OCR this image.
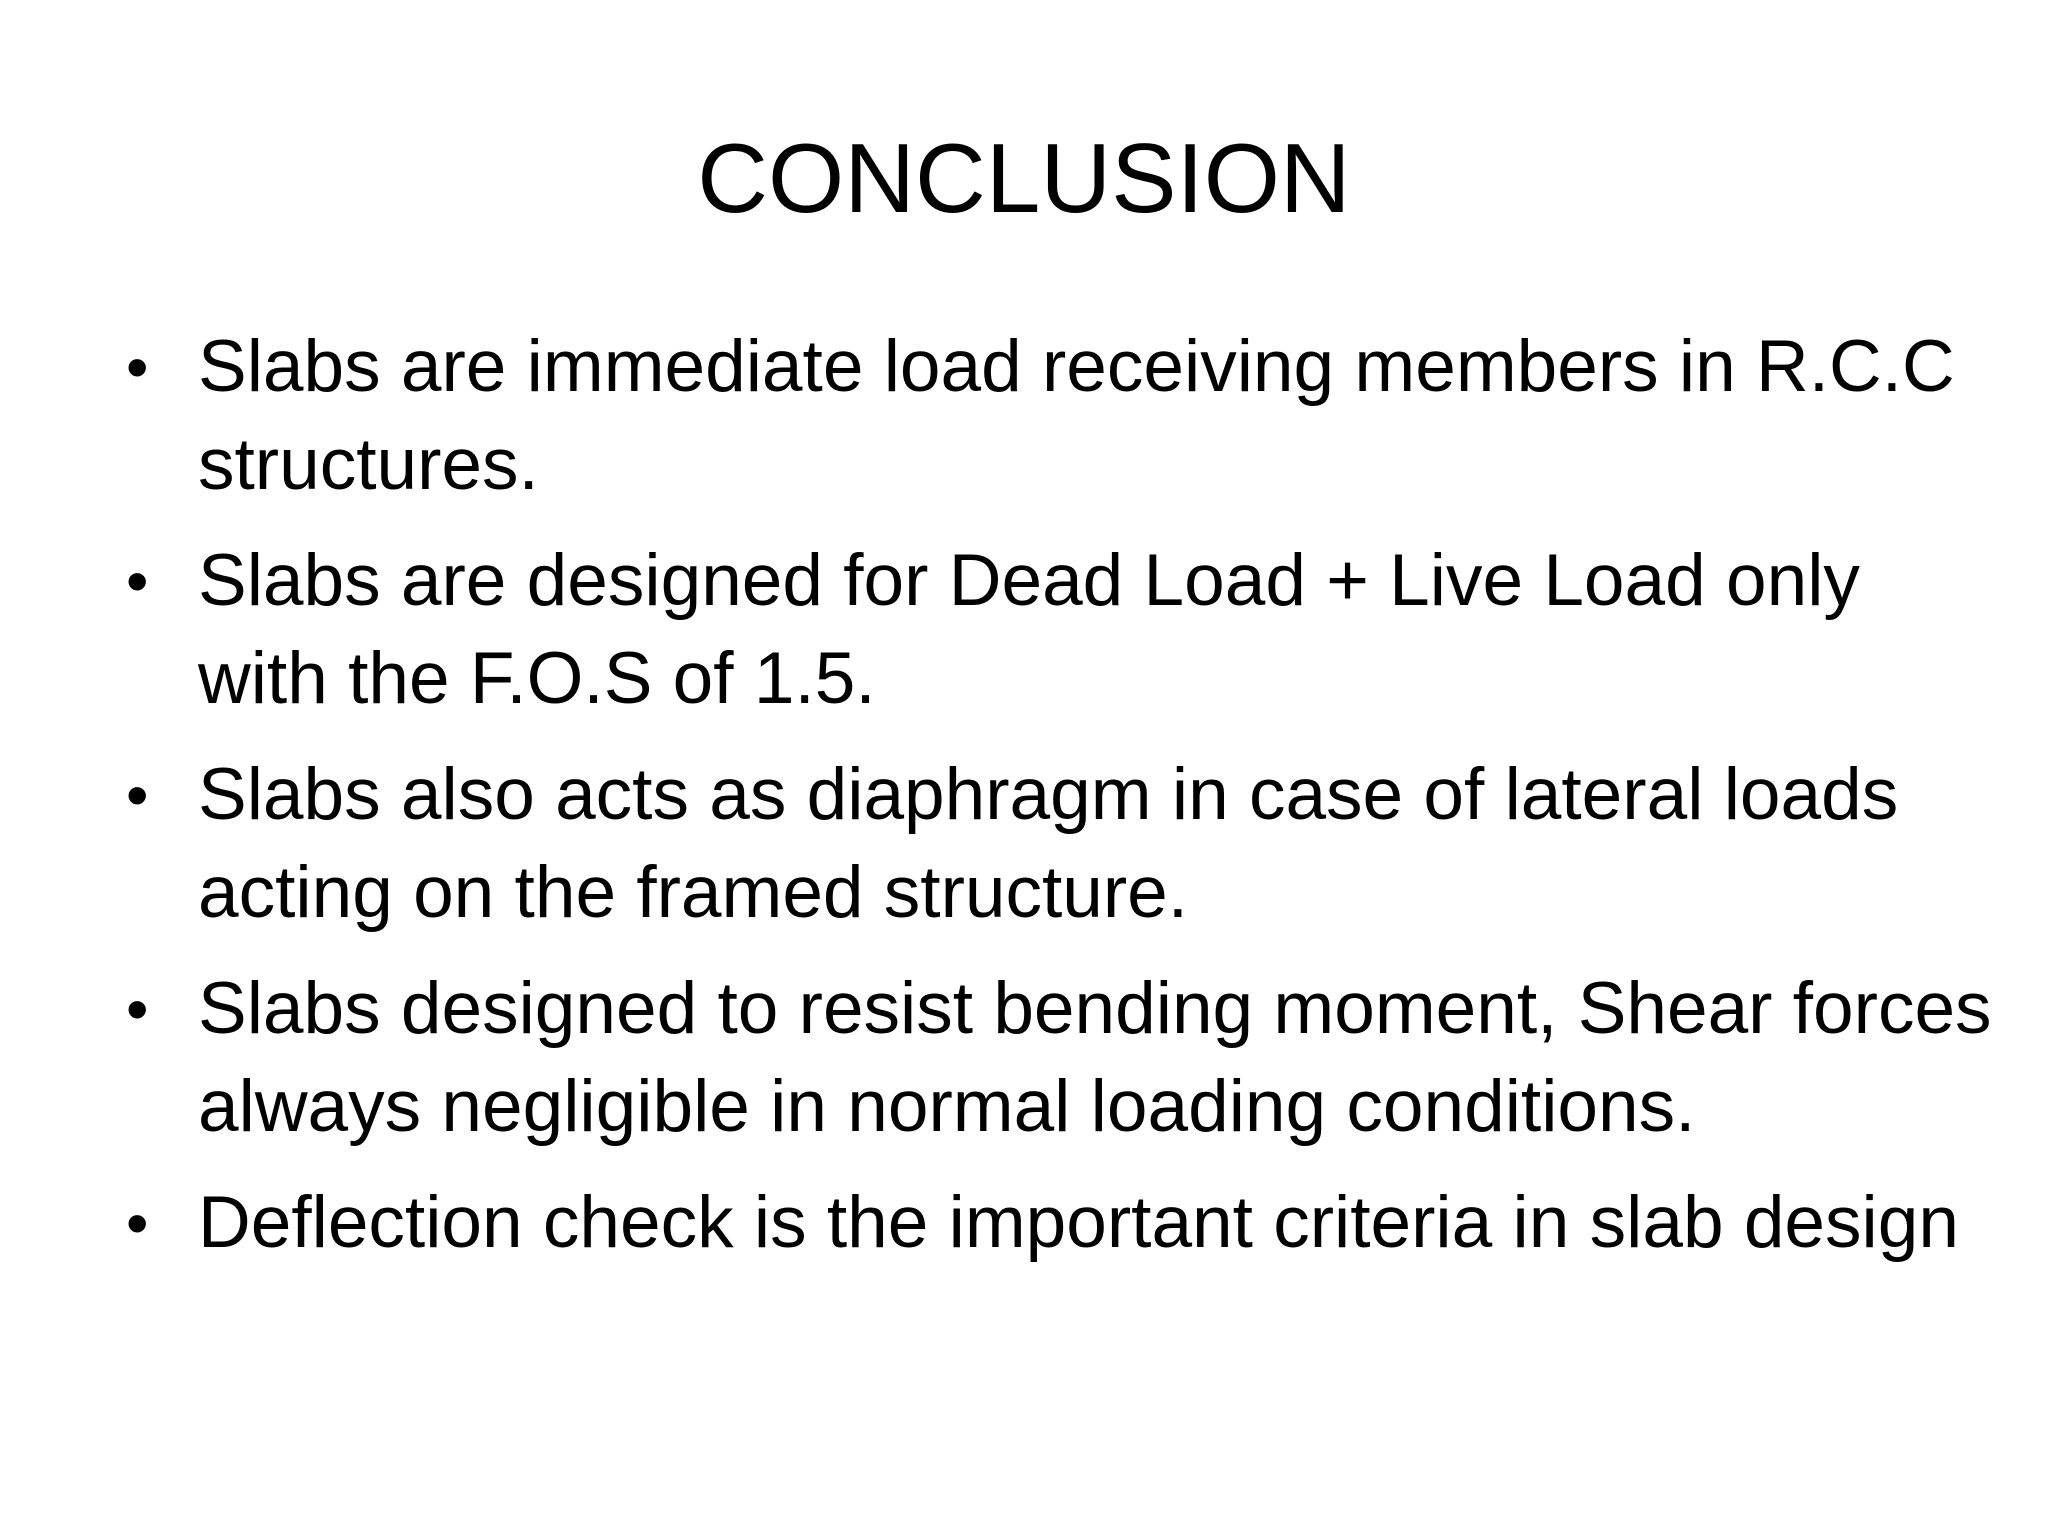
CONCLUSION
• Slabs are immediate load receiving members in R.C.C structures.
• Slabs are designed for Dead Load + Live Load only with the F.O.S of 1.5.
• Slabs also acts as diaphragm in case of lateral loads acting on the framed structure.
• Slabs designed to resist bending moment, Shear forces always negligible in normal loading conditions.
• Deflection check is the important criteria in slab design
